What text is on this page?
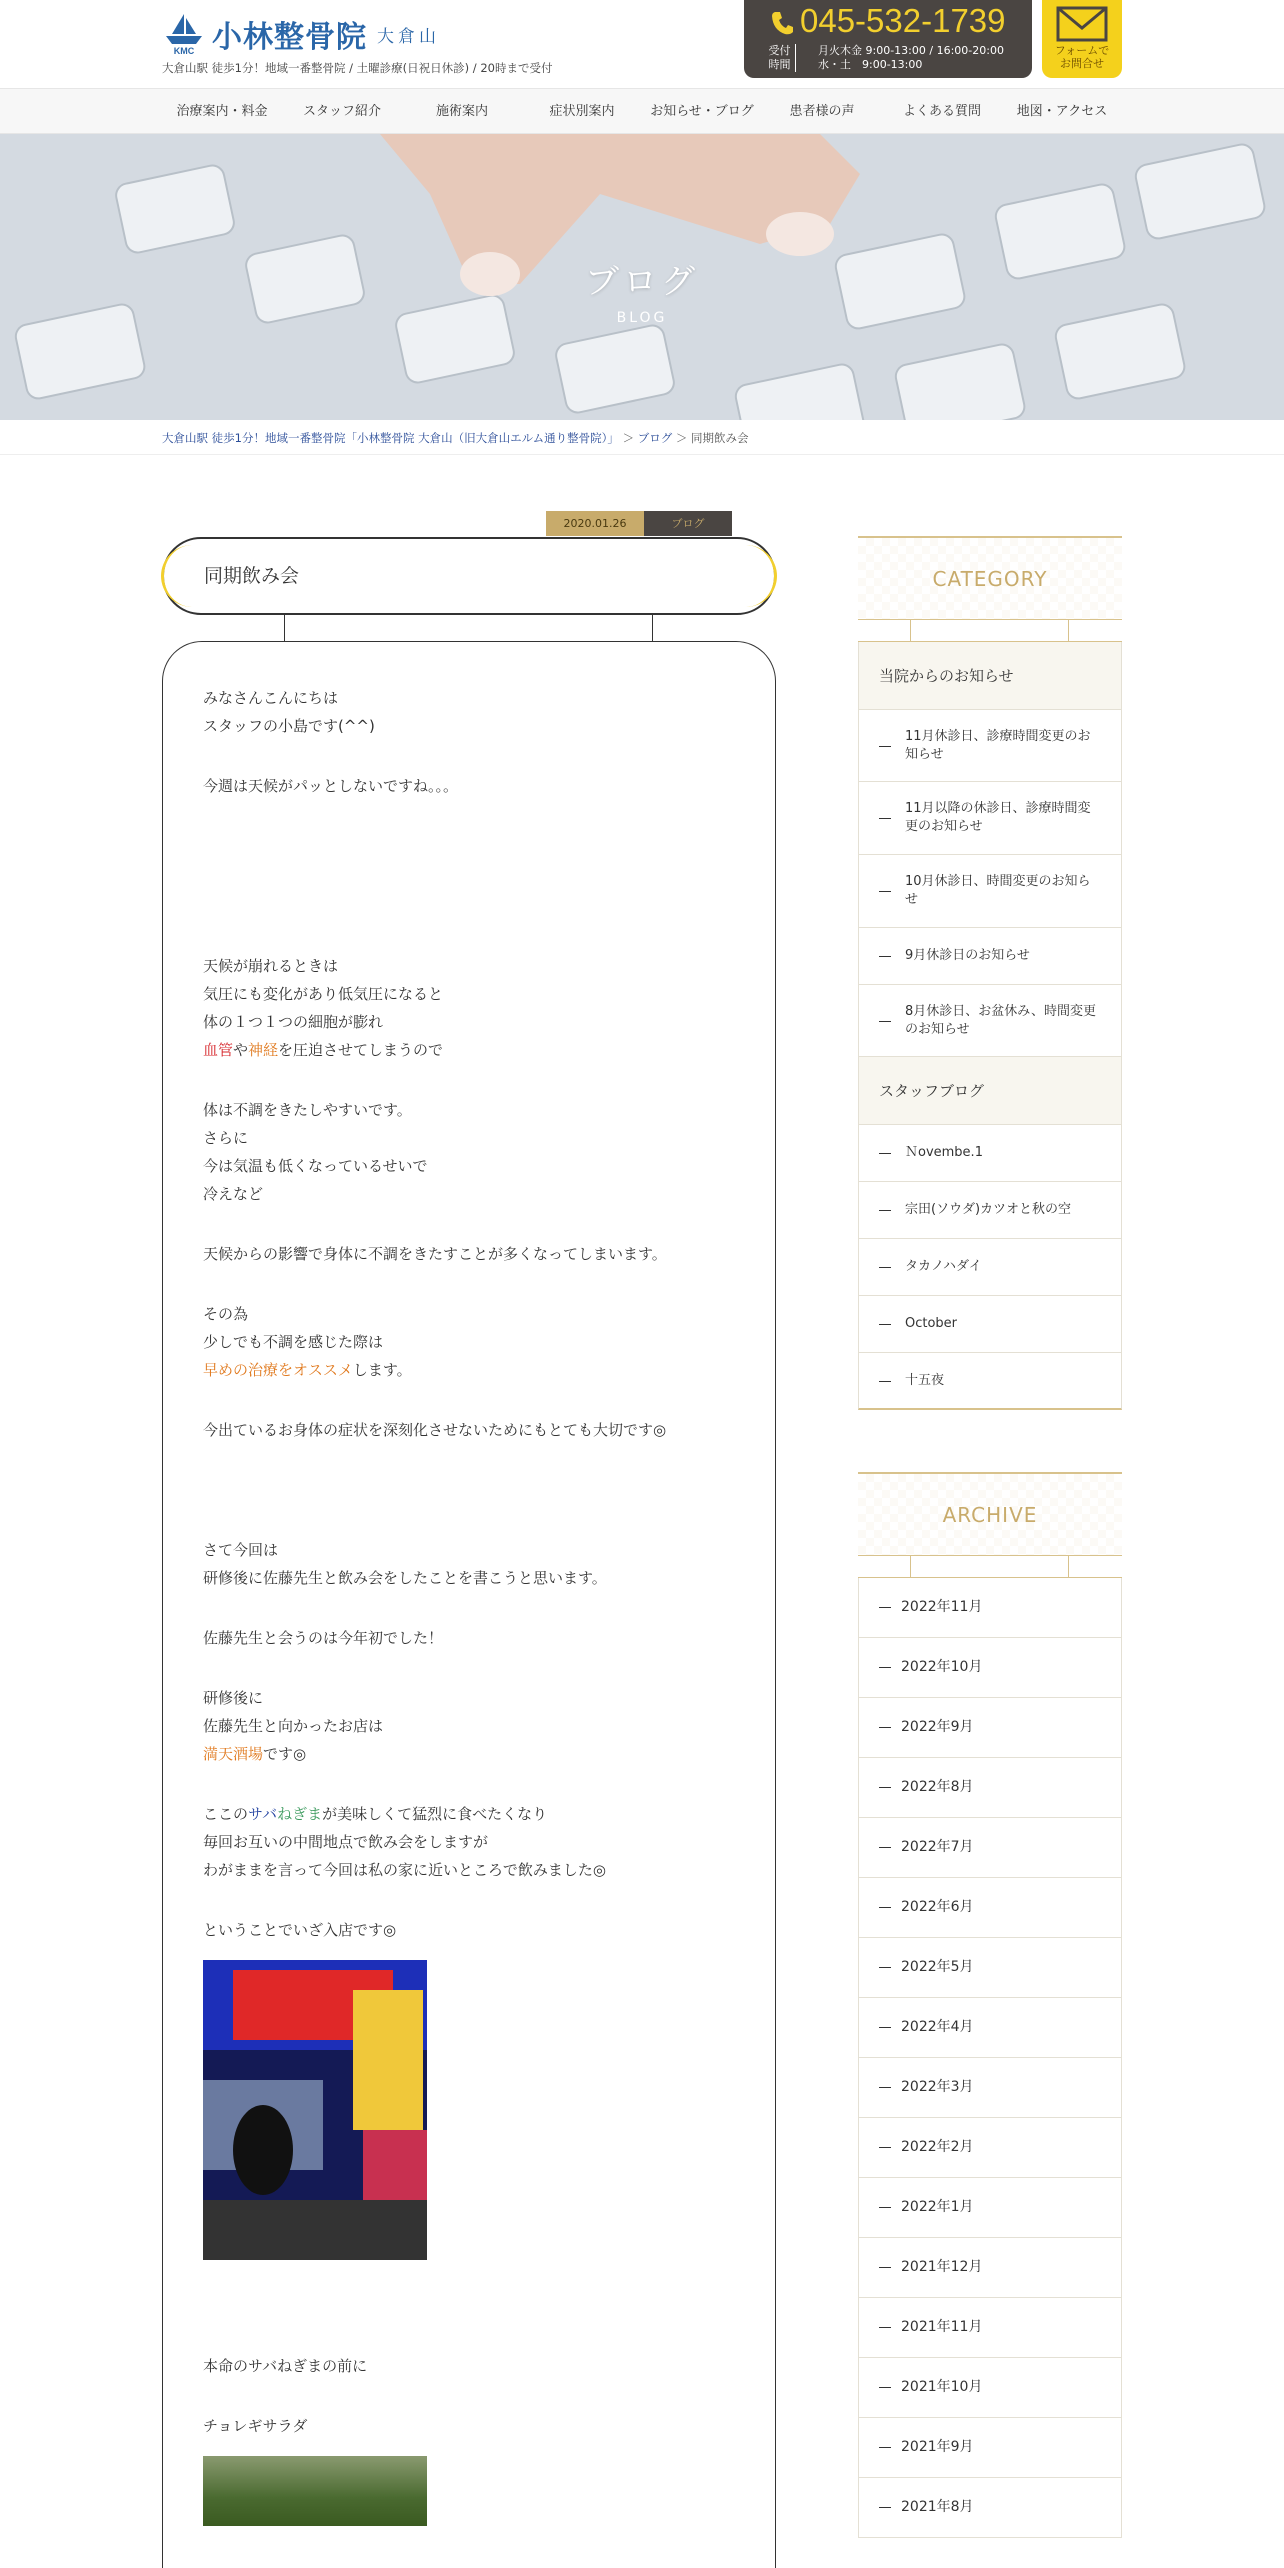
KMC 小林整骨院 大倉山
大倉山駅 徒歩1分！地域一番整骨院 / 土曜診療(日祝日休診) / 20時まで受付
045-532-1739
受付
時間
月火木金 9:00-13:00 / 16:00-20:00
水・土　9:00-13:00
フォームで
お問合せ
治療案内・料金	スタッフ紹介	施術案内	症状別案内	お知らせ・ブログ	患者様の声	よくある質問	地図・アクセス
ブログ
BLOG
大倉山駅 徒歩1分！地域一番整骨院「小林整骨院 大倉山（旧大倉山エルム通り整骨院）」 ＞ ブログ ＞ 同期飲み会
2020.01.26	ブログ
同期飲み会

みなさんこんにちは

スタッフの小島です(^^)

今週は天候がパッとしないですね。。。

天候が崩れるときは

気圧にも変化があり低気圧になると

体の１つ１つの細胞が膨れ

血管や神経を圧迫させてしまうので

体は不調をきたしやすいです。

さらに

今は気温も低くなっているせいで

冷えなど

天候からの影響で身体に不調をきたすことが多くなってしまいます。

その為

少しでも不調を感じた際は

早めの治療をオススメします。

今出ているお身体の症状を深刻化させないためにもとても大切です◎

さて今回は

研修後に佐藤先生と飲み会をしたことを書こうと思います。

佐藤先生と会うのは今年初でした！

研修後に

佐藤先生と向かったお店は

満天酒場です◎

ここのサバねぎまが美味しくて猛烈に食べたくなり

毎回お互いの中間地点で飲み会をしますが

わがままを言って今回は私の家に近いところで飲みました◎

ということでいざ入店です◎

本命のサバねぎまの前に

チョレギサラダ

CATEGORY
当院からのお知らせ
11月休診日、診療時間変更のお知らせ
11月以降の休診日、診療時間変更のお知らせ
10月休診日、時間変更のお知らせ
9月休診日のお知らせ
8月休診日、お盆休み、時間変更のお知らせ
スタッフブログ
Ｎovembe.1
宗田(ソウダ)カツオと秋の空
タカノハダイ
October
十五夜
ARCHIVE
2022年11月
2022年10月
2022年9月
2022年8月
2022年7月
2022年6月
2022年5月
2022年4月
2022年3月
2022年2月
2022年1月
2021年12月
2021年11月
2021年10月
2021年9月
2021年8月
